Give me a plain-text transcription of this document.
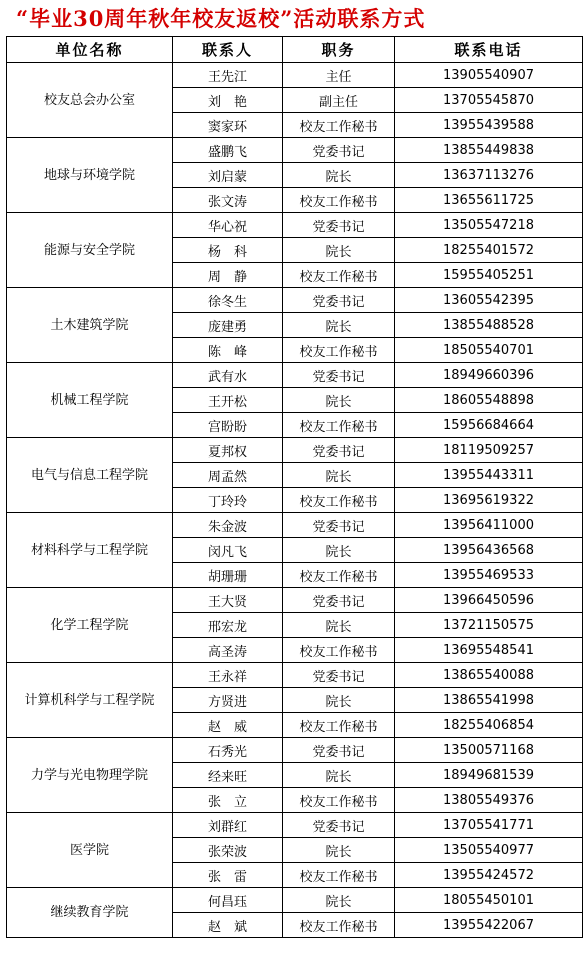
“毕业30周年秋年校友返校”活动联系方式
单位名称	联系人	职务	联系电话
校友总会办公室	王先江	主任	13905540907
	刘　艳	副主任	13705545870
	窦家环	校友工作秘书	13955439588
地球与环境学院	盛鹏飞	党委书记	13855449838
	刘启蒙	院长	13637113276
	张文涛	校友工作秘书	13655611725
能源与安全学院	华心祝	党委书记	13505547218
	杨　科	院长	18255401572
	周　静	校友工作秘书	15955405251
土木建筑学院	徐冬生	党委书记	13605542395
	庞建勇	院长	13855488528
	陈　峰	校友工作秘书	18505540701
机械工程学院	武有水	党委书记	18949660396
	王开松	院长	18605548898
	宫盼盼	校友工作秘书	15956684664
电气与信息工程学院	夏邦权	党委书记	18119509257
	周孟然	院长	13955443311
	丁玲玲	校友工作秘书	13695619322
材料科学与工程学院	朱金波	党委书记	13956411000
	闵凡飞	院长	13956436568
	胡珊珊	校友工作秘书	13955469533
化学工程学院	王大贤	党委书记	13966450596
	邢宏龙	院长	13721150575
	高圣涛	校友工作秘书	13695548541
计算机科学与工程学院	王永祥	党委书记	13865540088
	方贤进	院长	13865541998
	赵　威	校友工作秘书	18255406854
力学与光电物理学院	石秀光	党委书记	13500571168
	经来旺	院长	18949681539
	张　立	校友工作秘书	13805549376
医学院	刘群红	党委书记	13705541771
	张荣波	院长	13505540977
	张　雷	校友工作秘书	13955424572
继续教育学院	何昌珏	院长	18055450101
	赵　斌	校友工作秘书	13955422067
